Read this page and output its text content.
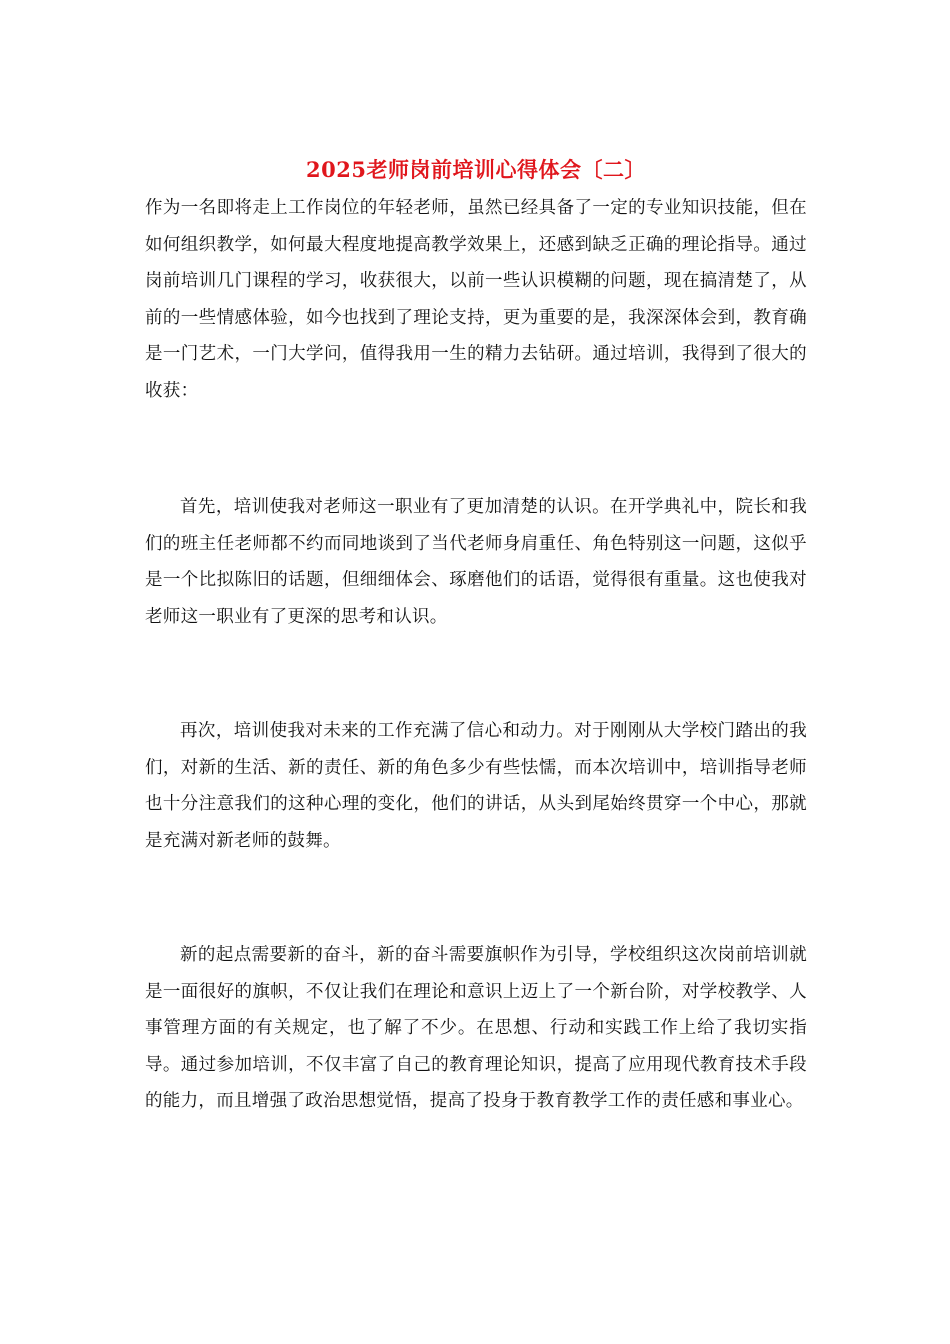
2025老师岗前培训心得体会〔二〕

作为一名即将走上工作岗位的年轻老师，虽然已经具备了一定的专业知识技能，但在如何组织教学，如何最大程度地提高教学效果上，还感到缺乏正确的理论指导。通过岗前培训几门课程的学习，收获很大，以前一些认识模糊的问题，现在搞清楚了，从前的一些情感体验，如今也找到了理论支持，更为重要的是，我深深体会到，教育确是一门艺术，一门大学问，值得我用一生的精力去钻研。通过培训，我得到了很大的收获：

首先，培训使我对老师这一职业有了更加清楚的认识。在开学典礼中，院长和我们的班主任老师都不约而同地谈到了当代老师身肩重任、角色特别这一问题，这似乎是一个比拟陈旧的话题，但细细体会、琢磨他们的话语，觉得很有重量。这也使我对老师这一职业有了更深的思考和认识。

再次，培训使我对未来的工作充满了信心和动力。对于刚刚从大学校门踏出的我们，对新的生活、新的责任、新的角色多少有些怯懦，而本次培训中，培训指导老师也十分注意我们的这种心理的变化，他们的讲话，从头到尾始终贯穿一个中心，那就是充满对新老师的鼓舞。

新的起点需要新的奋斗，新的奋斗需要旗帜作为引导，学校组织这次岗前培训就是一面很好的旗帜，不仅让我们在理论和意识上迈上了一个新台阶，对学校教学、人事管理方面的有关规定，也了解了不少。在思想、行动和实践工作上给了我切实指导。通过参加培训，不仅丰富了自己的教育理论知识，提高了应用现代教育技术手段的能力，而且增强了政治思想觉悟，提高了投身于教育教学工作的责任感和事业心。
